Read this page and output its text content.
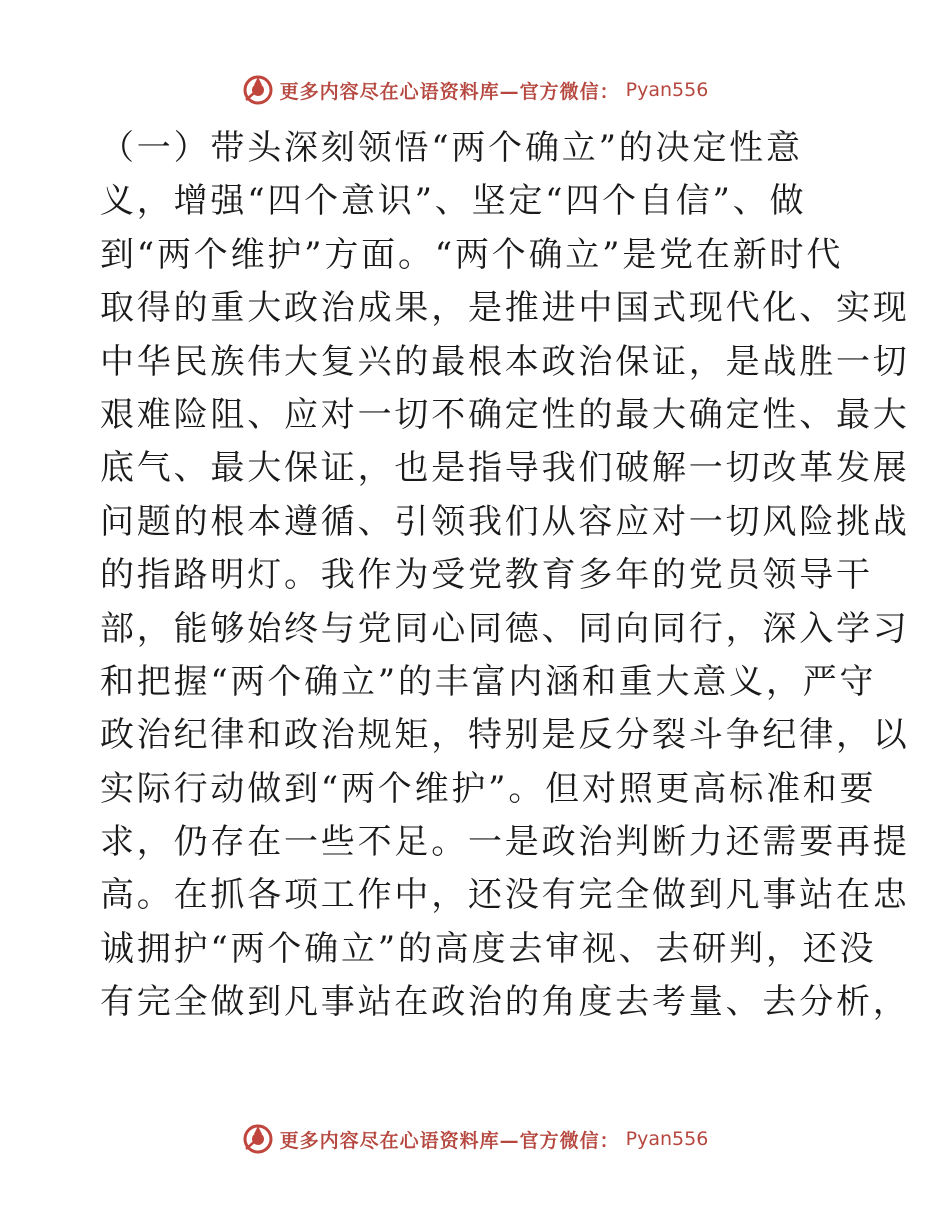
更多内容尽在心语资料库—官方微信： Pyan556
（一）带头深刻领悟“两个确立”的决定性意
义，增强“四个意识”、坚定“四个自信”、做
到“两个维护”方面。“两个确立”是党在新时代
取得的重大政治成果，是推进中国式现代化、实现
中华民族伟大复兴的最根本政治保证，是战胜一切
艰难险阻、应对一切不确定性的最大确定性、最大
底气、最大保证，也是指导我们破解一切改革发展
问题的根本遵循、引领我们从容应对一切风险挑战
的指路明灯。我作为受党教育多年的党员领导干
部，能够始终与党同心同德、同向同行，深入学习
和把握“两个确立”的丰富内涵和重大意义，严守
政治纪律和政治规矩，特别是反分裂斗争纪律，以
实际行动做到“两个维护”。但对照更高标准和要
求，仍存在一些不足。一是政治判断力还需要再提
高。在抓各项工作中，还没有完全做到凡事站在忠
诚拥护“两个确立”的高度去审视、去研判，还没
有完全做到凡事站在政治的角度去考量、去分析，
更多内容尽在心语资料库—官方微信： Pyan556
